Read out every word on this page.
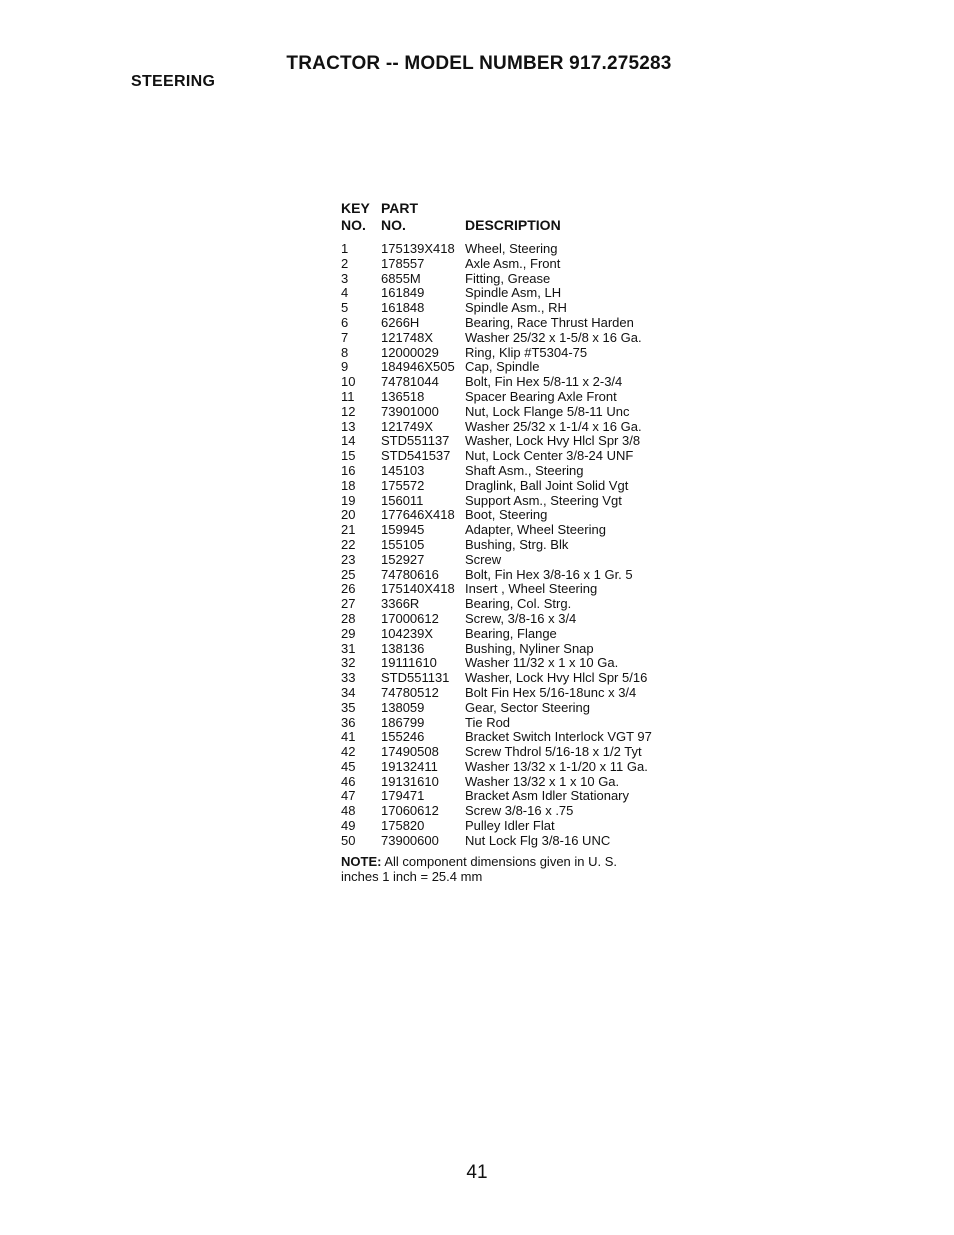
TRACTOR -- MODEL NUMBER 917.275283
STEERING
KEY PART
NO.	NO.	DESCRIPTION
1	175139X418 Wheel, Steering
2	178557	Axle Asm., Front
3	6855M	Fitting, Grease
4	161849	Spindle Asm, LH
5	161848	Spindle Asm., RH
6	6266H	Bearing, Race Thrust Harden
7	121748X	Washer 25/32 x 1-5/8 x 16 Ga.
8	12000029	Ring, Klip #T5304-75
9	184946X505 Cap, Spindle
10	74781044	Bolt, Fin Hex 5/8-11 x 2-3/4
11	136518	Spacer Bearing Axle Front
12	73901000	Nut, Lock Flange 5/8-11 Unc
13	121749X	Washer 25/32 x 1-1/4 x 16 Ga.
14	STD551137	Washer, Lock Hvy Hlcl Spr 3/8
15	STD541537	Nut, Lock Center 3/8-24 UNF
16	145103	Shaft Asm., Steering
18	175572	Draglink, Ball Joint Solid Vgt
19	156011	Support Asm., Steering Vgt
20	177646X418 Boot, Steering
21	159945	Adapter, Wheel Steering
22	155105	Bushing, Strg. Blk
23	152927	Screw
25	74780616	Bolt, Fin Hex 3/8-16 x 1 Gr. 5
26	175140X418 Insert , Wheel Steering
27	3366R	Bearing, Col. Strg.
28	17000612	Screw, 3/8-16 x 3/4
29	104239X	Bearing, Flange
31	138136	Bushing, Nyliner Snap
32	19111610	Washer 11/32 x 1 x 10 Ga.
33	STD551131	Washer, Lock Hvy Hlcl Spr 5/16
34	74780512	Bolt Fin Hex 5/16-18unc x 3/4
35	138059	Gear, Sector Steering
36	186799	Tie Rod
41	155246	Bracket Switch Interlock VGT 97
42	17490508	Screw Thdrol 5/16-18 x 1/2 Tyt
45	19132411	Washer 13/32 x 1-1/20 x 11 Ga.
46	19131610	Washer 13/32 x 1 x 10 Ga.
47	179471	Bracket Asm Idler Stationary
48	17060612	Screw 3/8-16 x .75
49	175820	Pulley Idler Flat
50	73900600	Nut Lock Flg 3/8-16 UNC
NOTE: All component dimensions given in U. S. inches 1 inch = 25.4 mm
41
